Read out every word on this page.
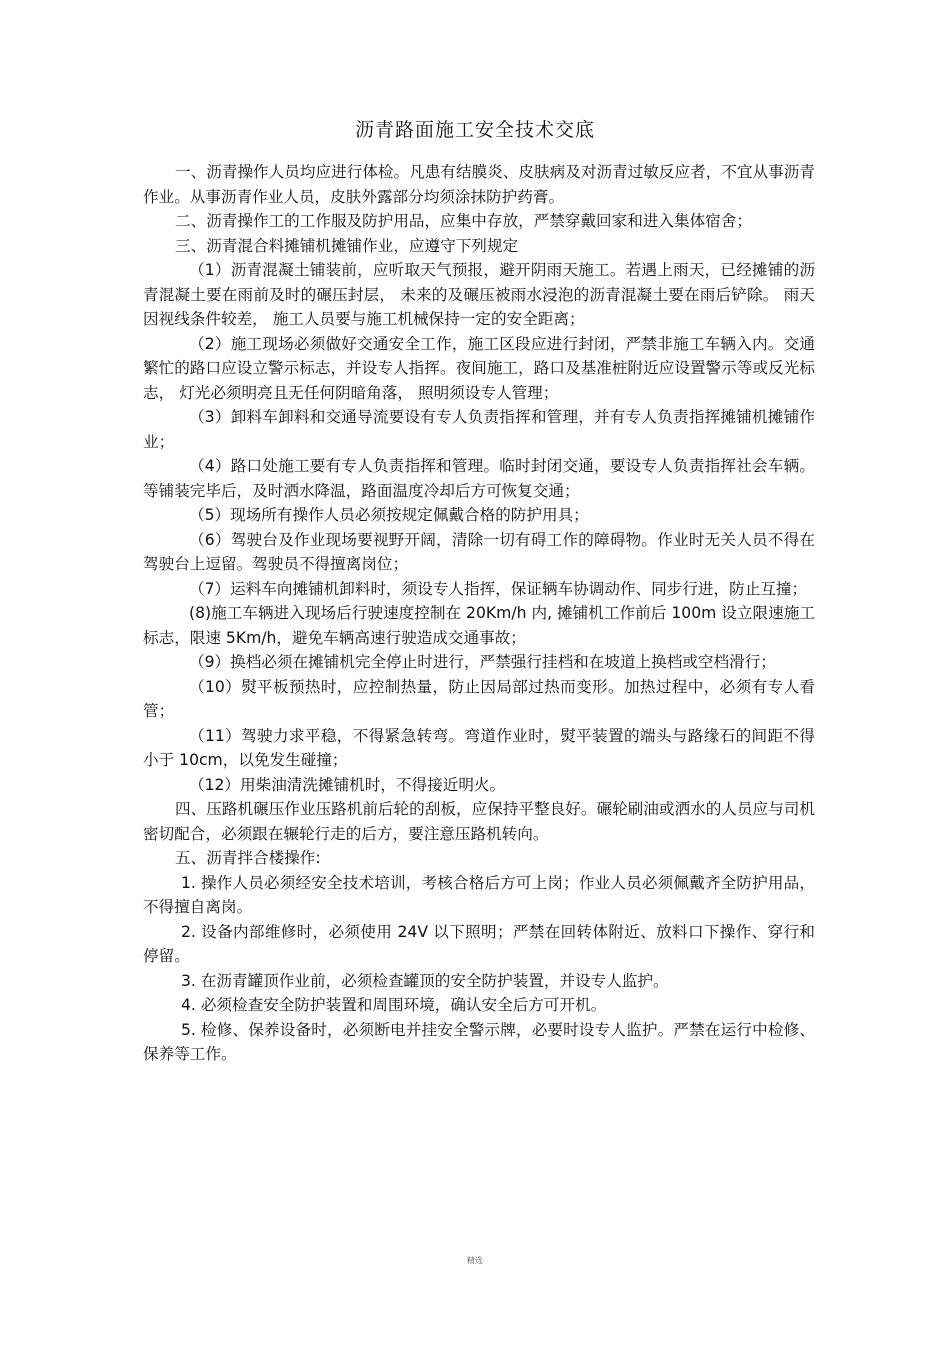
沥青路面施工安全技术交底

一、沥青操作人员均应进行体检。凡患有结膜炎、皮肤病及对沥青过敏反应者，不宜从事沥青作业。从事沥青作业人员，皮肤外露部分均须涂抹防护药膏。

二、沥青操作工的工作服及防护用品，应集中存放，严禁穿戴回家和进入集体宿舍；

三、沥青混合料摊铺机摊铺作业，应遵守下列规定

（1）沥青混凝土铺装前，应听取天气预报，避开阴雨天施工。若遇上雨天，已经摊铺的沥青混凝土要在雨前及时的碾压封层， 未来的及碾压被雨水浸泡的沥青混凝土要在雨后铲除。 雨天因视线条件较差， 施工人员要与施工机械保持一定的安全距离；

（2）施工现场必须做好交通安全工作，施工区段应进行封闭，严禁非施工车辆入内。交通繁忙的路口应设立警示标志，并设专人指挥。夜间施工，路口及基准桩附近应设置警示等或反光标志， 灯光必须明亮且无任何阴暗角落， 照明须设专人管理；

（3）卸料车卸料和交通导流要设有专人负责指挥和管理，并有专人负责指挥摊铺机摊铺作业；

（4）路口处施工要有专人负责指挥和管理。临时封闭交通，要设专人负责指挥社会车辆。等铺装完毕后，及时洒水降温，路面温度冷却后方可恢复交通；

（5）现场所有操作人员必须按规定佩戴合格的防护用具；

（6）驾驶台及作业现场要视野开阔，清除一切有碍工作的障碍物。作业时无关人员不得在驾驶台上逗留。驾驶员不得擅离岗位；

（7）运料车向摊铺机卸料时，须设专人指挥，保证辆车协调动作、同步行进，防止互撞；

(8)施工车辆进入现场后行驶速度控制在 20Km/h 内, 摊铺机工作前后 100m 设立限速施工标志，限速 5Km/h，避免车辆高速行驶造成交通事故；

（9）换档必须在摊铺机完全停止时进行，严禁强行挂档和在坡道上换档或空档滑行；

（10）熨平板预热时，应控制热量，防止因局部过热而变形。加热过程中，必须有专人看管；

（11）驾驶力求平稳，不得紧急转弯。弯道作业时，熨平装置的端头与路缘石的间距不得小于 10cm，以免发生碰撞；

（12）用柴油清洗摊铺机时，不得接近明火。

四、压路机碾压作业压路机前后轮的刮板，应保持平整良好。碾轮刷油或洒水的人员应与司机密切配合，必须跟在辗轮行走的后方，要注意压路机转向。

五、沥青拌合楼操作:

1. 操作人员必须经安全技术培训，考核合格后方可上岗；作业人员必须佩戴齐全防护用品，不得擅自离岗。

2. 设备内部维修时，必须使用 24V 以下照明；严禁在回转体附近、放料口下操作、穿行和停留。

3. 在沥青罐顶作业前，必须检查罐顶的安全防护装置，并设专人监护。

4. 必须检查安全防护装置和周围环境，确认安全后方可开机。

5. 检修、保养设备时，必须断电并挂安全警示牌，必要时设专人监护。严禁在运行中检修、保养等工作。

精选
